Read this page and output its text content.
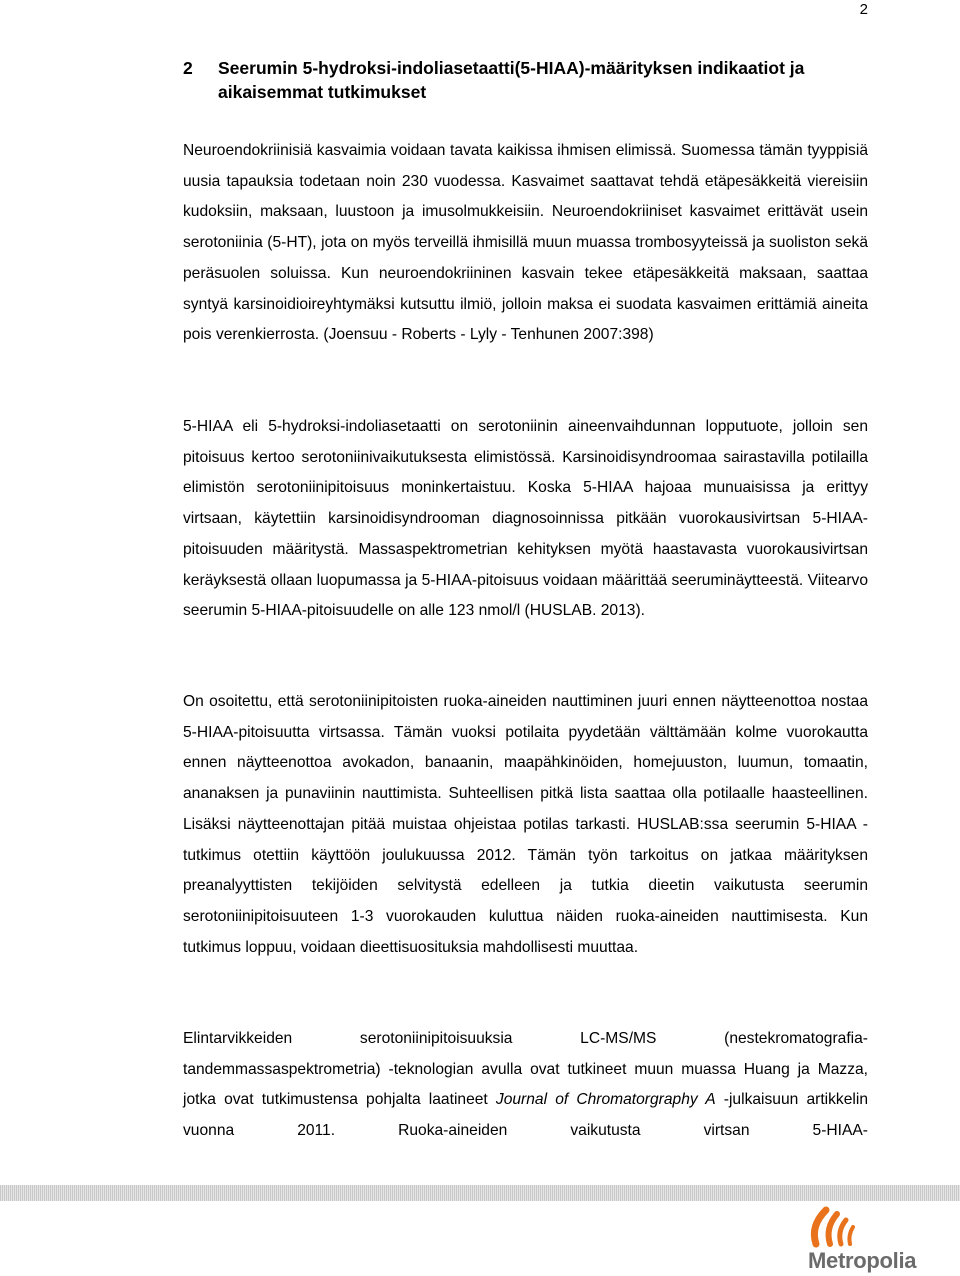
2
2 Seerumin 5-hydroksi-indoliasetaatti(5-HIAA)-määrityksen indikaatiot ja aikaisemmat tutkimukset

Neuroendokriinisiä kasvaimia voidaan tavata kaikissa ihmisen elimissä. Suomessa tämän tyyppisiä uusia tapauksia todetaan noin 230 vuodessa. Kasvaimet saattavat tehdä etäpesäkkeitä viereisiin kudoksiin, maksaan, luustoon ja imusolmukkeisiin. Neuroendokriiniset kasvaimet erittävät usein serotoniinia (5-HT), jota on myös terveillä ihmisillä muun muassa trombosyyteissä ja suoliston sekä peräsuolen soluissa. Kun neuroendokriininen kasvain tekee etäpesäkkeitä maksaan, saattaa syntyä karsinoidioireyhtymäksi kutsuttu ilmiö, jolloin maksa ei suodata kasvaimen erittämiä aineita pois verenkierrosta. (Joensuu - Roberts - Lyly - Tenhunen 2007:398)

5-HIAA eli 5-hydroksi-indoliasetaatti on serotoniinin aineenvaihdunnan lopputuote, jolloin sen pitoisuus kertoo serotoniinivaikutuksesta elimistössä. Karsinoidisyndroomaa sairastavilla potilailla elimistön serotoniinipitoisuus moninkertaistuu. Koska 5-HIAA hajoaa munuaisissa ja erittyy virtsaan, käytettiin karsinoidisyndrooman diagnosoinnissa pitkään vuorokausivirtsan 5-HIAA-pitoisuuden määritystä. Massaspektrometrian kehityksen myötä haastavasta vuorokausivirtsan keräyksestä ollaan luopumassa ja 5-HIAA-pitoisuus voidaan määrittää seeruminäytteestä. Viitearvo seerumin 5-HIAA-pitoisuudelle on alle 123 nmol/l (HUSLAB. 2013).

On osoitettu, että serotoniinipitoisten ruoka-aineiden nauttiminen juuri ennen näytteenottoa nostaa 5-HIAA-pitoisuutta virtsassa. Tämän vuoksi potilaita pyydetään välttämään kolme vuorokautta ennen näytteenottoa avokadon, banaanin, maapähkinöiden, homejuuston, luumun, tomaatin, ananaksen ja punaviinin nauttimista. Suhteellisen pitkä lista saattaa olla potilaalle haasteellinen. Lisäksi näytteenottajan pitää muistaa ohjeistaa potilas tarkasti. HUSLAB:ssa seerumin 5-HIAA -tutkimus otettiin käyttöön joulukuussa 2012. Tämän työn tarkoitus on jatkaa määrityksen preanalyyttisten tekijöiden selvitystä edelleen ja tutkia dieetin vaikutusta seerumin serotoniinipitoisuuteen 1-3 vuorokauden kuluttua näiden ruoka-aineiden nauttimisesta. Kun tutkimus loppuu, voidaan dieettisuosituksia mahdollisesti muuttaa.

Elintarvikkeiden serotoniinipitoisuuksia LC-MS/MS (nestekromatografia-tandemmassaspektrometria) -teknologian avulla ovat tutkineet muun muassa Huang ja Mazza, jotka ovat tutkimustensa pohjalta laatineet Journal of Chromatorgraphy A -julkaisuun artikkelin vuonna 2011. Ruoka-aineiden vaikutusta virtsan 5-HIAA-

Metropolia
